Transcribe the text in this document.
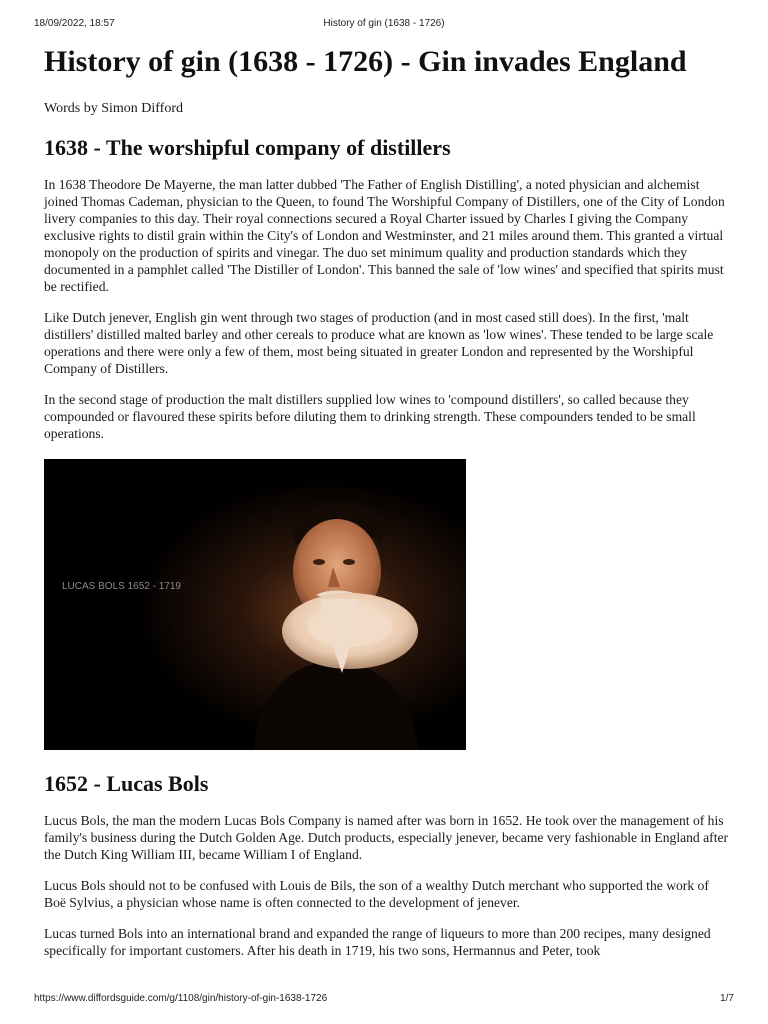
18/09/2022, 18:57	History of gin (1638 - 1726)
History of gin (1638 - 1726) - Gin invades England
Words by Simon Difford
1638 - The worshipful company of distillers

In 1638 Theodore De Mayerne, the man latter dubbed 'The Father of English Distilling', a noted physician and alchemist joined Thomas Cademan, physician to the Queen, to found The Worshipful Company of Distillers, one of the City of London livery companies to this day. Their royal connections secured a Royal Charter issued by Charles I giving the Company exclusive rights to distil grain within the City's of London and Westminster, and 21 miles around them. This granted a virtual monopoly on the production of spirits and vinegar. The duo set minimum quality and production standards which they documented in a pamphlet called 'The Distiller of London'. This banned the sale of 'low wines' and specified that spirits must be rectified.

Like Dutch jenever, English gin went through two stages of production (and in most cased still does). In the first, 'malt distillers' distilled malted barley and other cereals to produce what are known as 'low wines'. These tended to be large scale operations and there were only a few of them, most being situated in greater London and represented by the Worshipful Company of Distillers.

In the second stage of production the malt distillers supplied low wines to 'compound distillers', so called because they compounded or flavoured these spirits before diluting them to drinking strength. These compounders tended to be small operations.

LUCAS BOLS 1652 - 1719
1652 - Lucas Bols

Lucus Bols, the man the modern Lucas Bols Company is named after was born in 1652. He took over the management of his family's business during the Dutch Golden Age. Dutch products, especially jenever, became very fashionable in England after the Dutch King William III, became William I of England.

Lucus Bols should not to be confused with Louis de Bils, the son of a wealthy Dutch merchant who supported the work of Boë Sylvius, a physician whose name is often connected to the development of jenever.

Lucas turned Bols into an international brand and expanded the range of liqueurs to more than 200 recipes, many designed specifically for important customers. After his death in 1719, his two sons, Hermannus and Peter, took

https://www.diffordsguide.com/g/1108/gin/history-of-gin-1638-1726	1/7
